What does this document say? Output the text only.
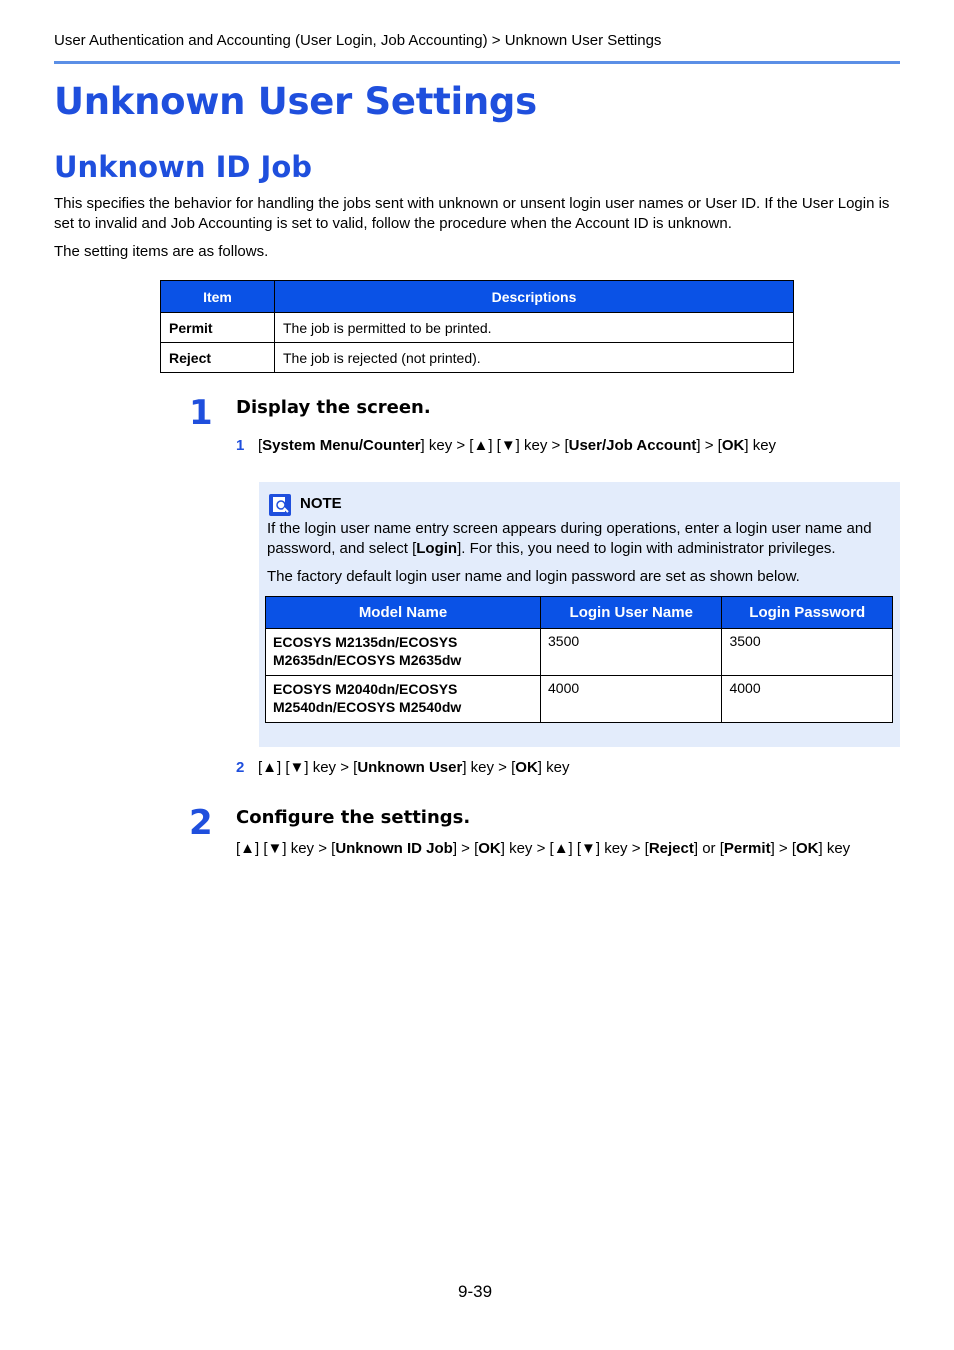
User Authentication and Accounting (User Login, Job Accounting) > Unknown User Settings
Unknown User Settings
Unknown ID Job

This specifies the behavior for handling the jobs sent with unknown or unsent login user names or User ID. If the User Login is set to invalid and Job Accounting is set to valid, follow the procedure when the Account ID is unknown.

The setting items are as follows.

Item	Descriptions
Permit	The job is permitted to be printed.
Reject	The job is rejected (not printed).
1 Display the screen.
1 [System Menu/Counter] key > [▲] [▼] key > [User/Job Account] > [OK] key
NOTE

If the login user name entry screen appears during operations, enter a login user name and password, and select [Login]. For this, you need to login with administrator privileges.

The factory default login user name and login password are set as shown below.

Model Name	Login User Name	Login Password
ECOSYS M2135dn/ECOSYS M2635dn/ECOSYS M2635dw	3500	3500
ECOSYS M2040dn/ECOSYS M2540dn/ECOSYS M2540dw	4000	4000
2 [▲] [▼] key > [Unknown User] key > [OK] key
2 Configure the settings.
[▲] [▼] key > [Unknown ID Job] > [OK] key > [▲] [▼] key > [Reject] or [Permit] > [OK] key
9-39
